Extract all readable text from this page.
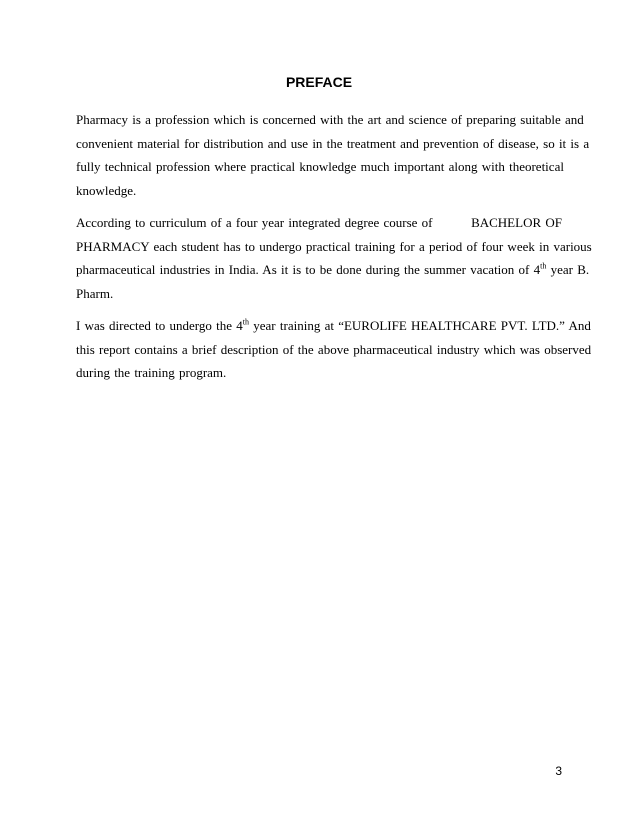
PREFACE
Pharmacy is a profession which is concerned with the art and science of preparing suitable and
convenient material for distribution and use in the treatment and prevention of disease, so it is a
fully technical profession where practical knowledge much important along with theoretical
knowledge.
According to curriculum of a four year integrated degree course of	BACHELOR OF
PHARMACY each student has to undergo practical training for a period of four week in various
pharmaceutical industries in India. As it is to be done during the summer vacation of 4th year B.
Pharm.
I was directed to undergo the 4th year training at “EUROLIFE HEALTHCARE PVT. LTD.” And
this report contains a brief description of the above pharmaceutical industry which was observed
during the training program.
3
